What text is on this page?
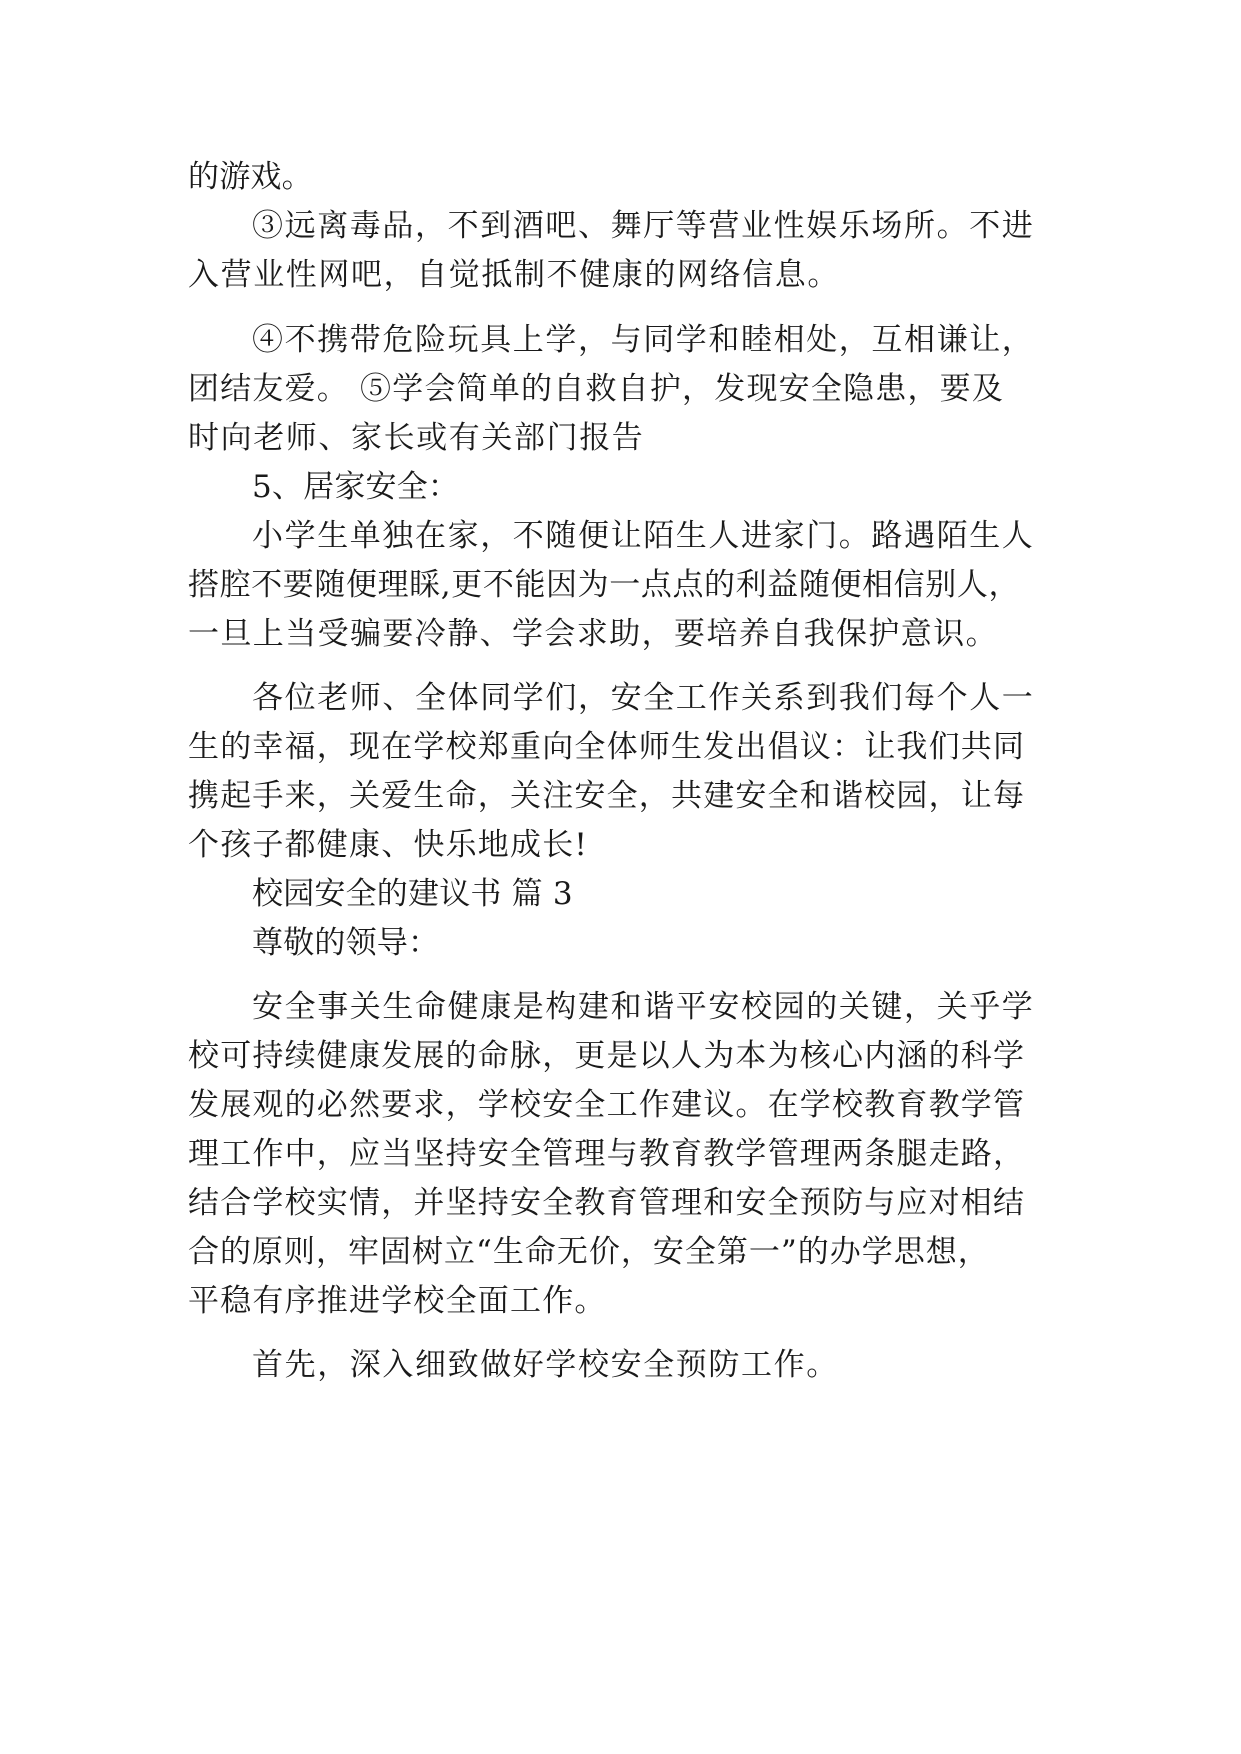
的游戏。
③远离毒品，不到酒吧、舞厅等营业性娱乐场所。不进
入营业性网吧，自觉抵制不健康的网络信息。
④不携带危险玩具上学，与同学和睦相处，互相谦让，
团结友爱。 ⑤学会简单的自救自护，发现安全隐患，要及
时向老师、家长或有关部门报告
5、居家安全：
小学生单独在家，不随便让陌生人进家门。路遇陌生人
搭腔不要随便理睬,更不能因为一点点的利益随便相信别人，
一旦上当受骗要冷静、学会求助，要培养自我保护意识。
各位老师、全体同学们，安全工作关系到我们每个人一
生的幸福，现在学校郑重向全体师生发出倡议：让我们共同
携起手来，关爱生命，关注安全，共建安全和谐校园，让每
个孩子都健康、快乐地成长!
校园安全的建议书 篇 3
尊敬的领导：
安全事关生命健康是构建和谐平安校园的关键，关乎学
校可持续健康发展的命脉，更是以人为本为核心内涵的科学
发展观的必然要求，学校安全工作建议。在学校教育教学管
理工作中，应当坚持安全管理与教育教学管理两条腿走路，
结合学校实情，并坚持安全教育管理和安全预防与应对相结
合的原则，牢固树立“生命无价，安全第一”的办学思想，
平稳有序推进学校全面工作。
首先，深入细致做好学校安全预防工作。
